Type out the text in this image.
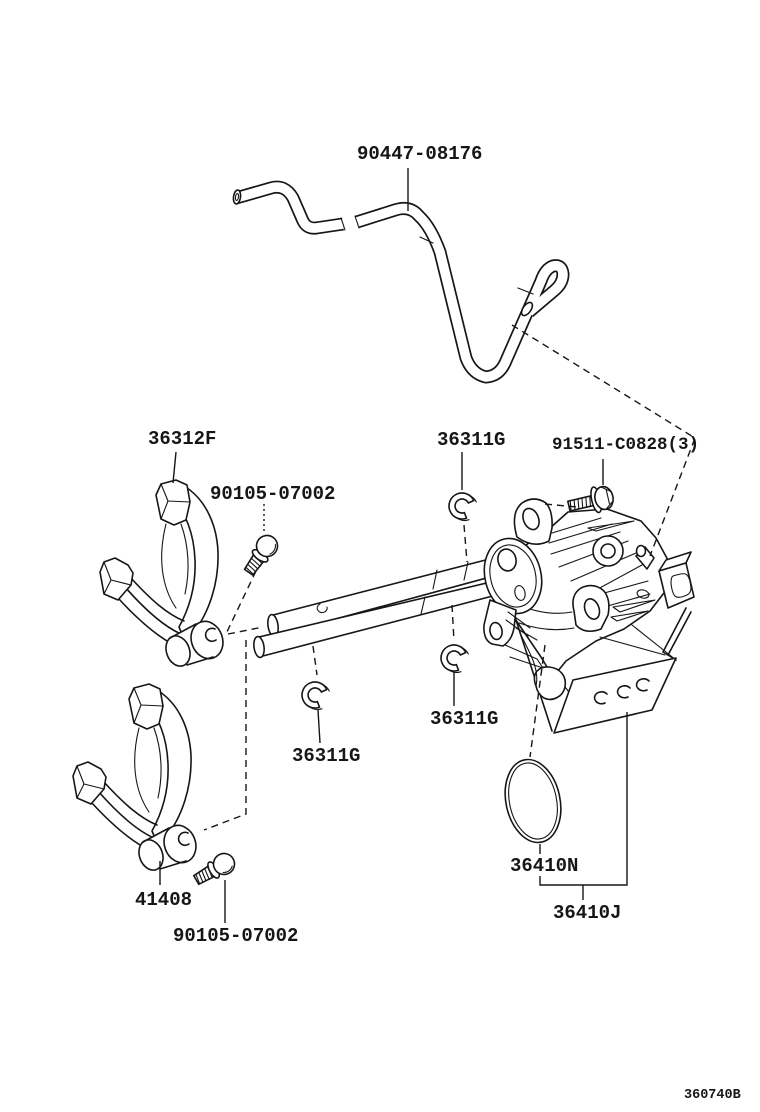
90447-08176
36312F
90105-07002
36311G	91511-C0828(3)
36311G
36311G
41408
90105-07002
36410N
36410J
360740B
